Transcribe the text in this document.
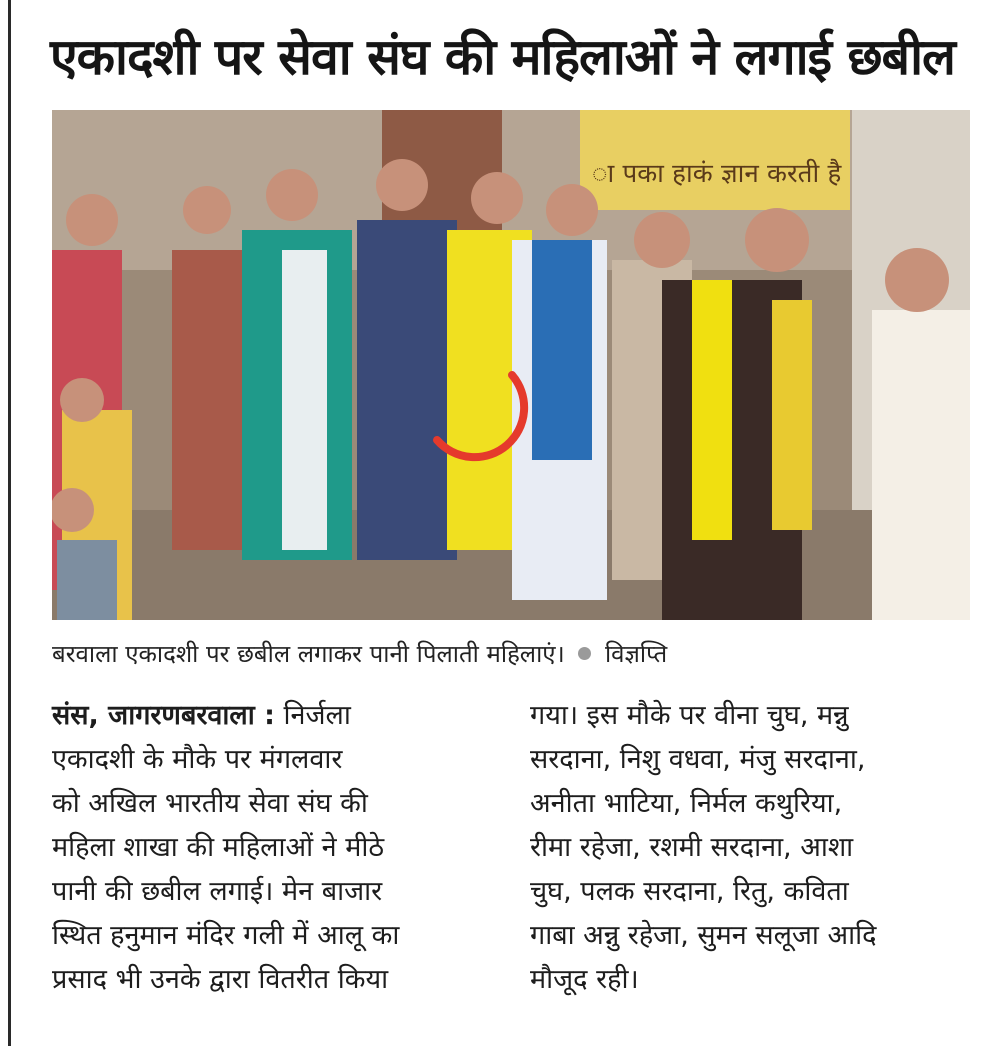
एकादशी पर सेवा संघ की महिलाओं ने लगाई छबील
ा पका हाकं ज्ञान करती है
बरवाला एकादशी पर छबील लगाकर पानी पिलाती महिलाएं। विज्ञप्ति
संस, जागरणबरवाला : निर्जला
एकादशी के मौके पर मंगलवार
को अखिल भारतीय सेवा संघ की
महिला शाखा की महिलाओं ने मीठे
पानी की छबील लगाई। मेन बाजार
स्थित हनुमान मंदिर गली में आलू का
प्रसाद भी उनके द्वारा वितरीत किया
गया। इस मौके पर वीना चुघ, मन्नु
सरदाना, निशु वधवा, मंजु सरदाना,
अनीता भाटिया, निर्मल कथुरिया,
रीमा रहेजा, रशमी सरदाना, आशा
चुघ, पलक सरदाना, रितु, कविता
गाबा अन्नु रहेजा, सुमन सलूजा आदि
मौजूद रही।
